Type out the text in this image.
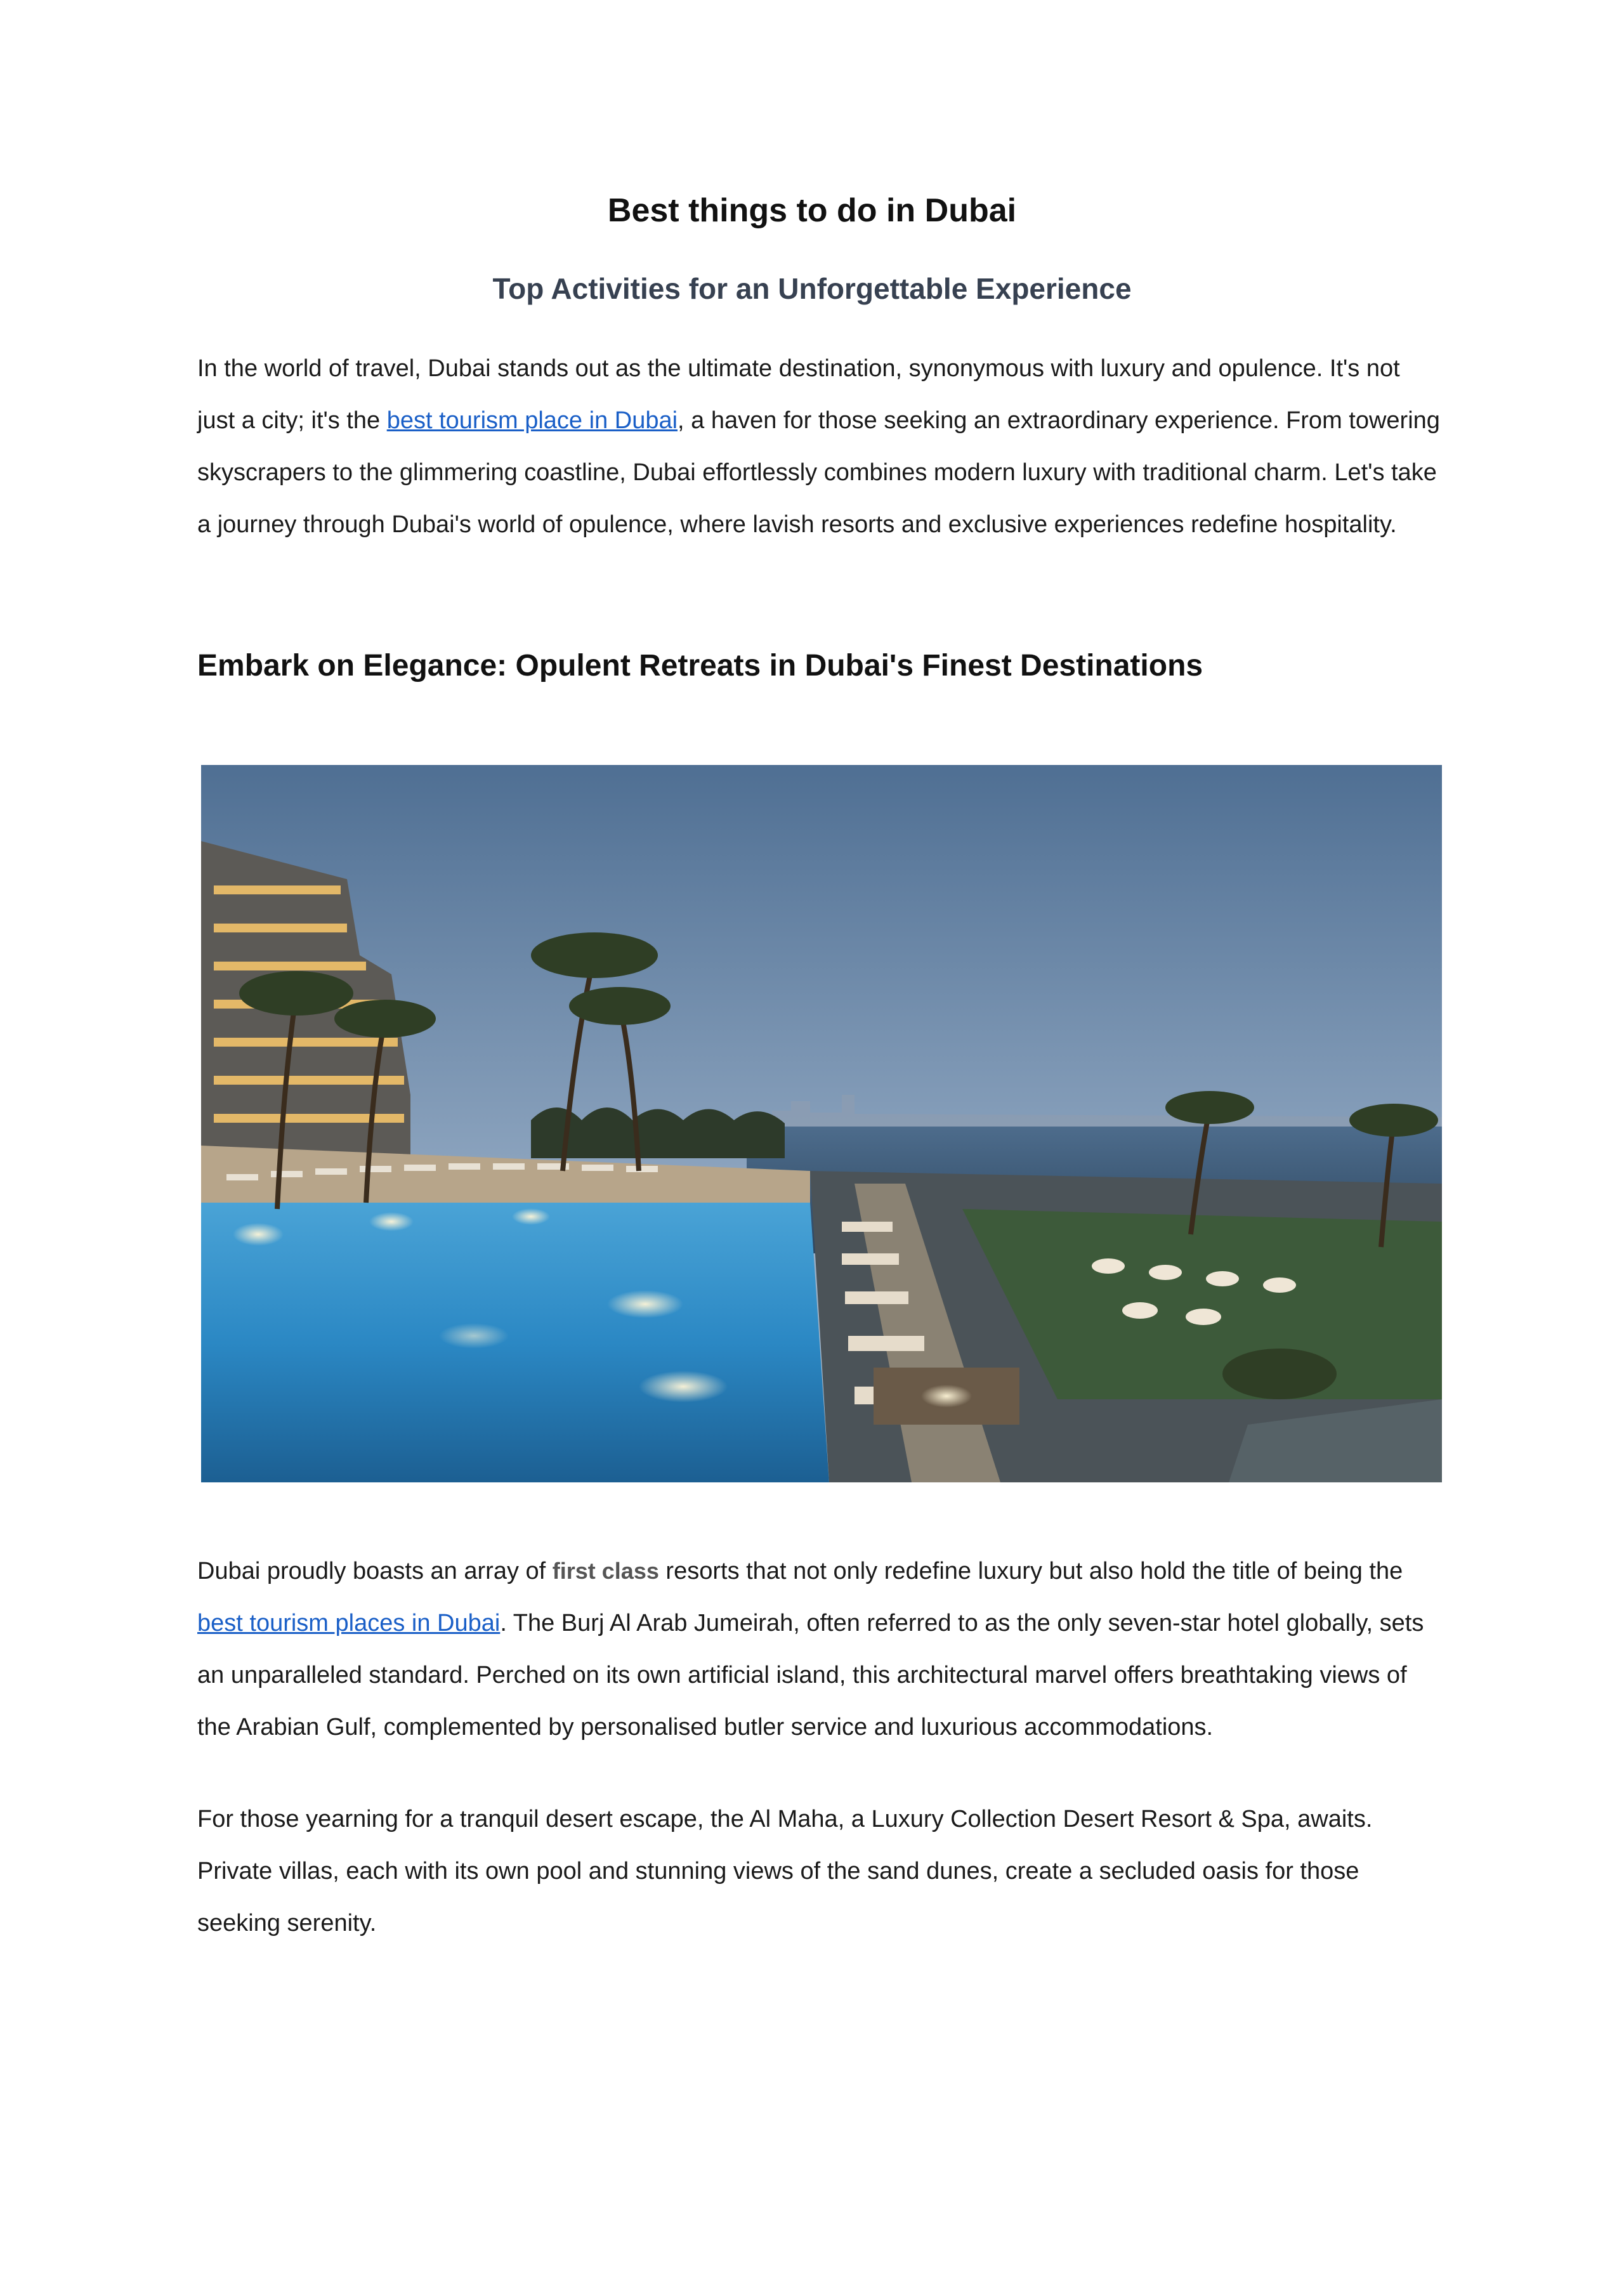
Best things to do in Dubai
Top Activities for an Unforgettable Experience

In the world of travel, Dubai stands out as the ultimate destination, synonymous with luxury and opulence. It's not just a city; it's the best tourism place in Dubai, a haven for those seeking an extraordinary experience. From towering skyscrapers to the glimmering coastline, Dubai effortlessly combines modern luxury with traditional charm. Let's take a journey through Dubai's world of opulence, where lavish resorts and exclusive experiences redefine hospitality.

Embark on Elegance: Opulent Retreats in Dubai's Finest Destinations

Dubai proudly boasts an array of first class resorts that not only redefine luxury but also hold the title of being the best tourism places in Dubai. The Burj Al Arab Jumeirah, often referred to as the only seven-star hotel globally, sets an unparalleled standard. Perched on its own artificial island, this architectural marvel offers breathtaking views of the Arabian Gulf, complemented by personalised butler service and luxurious accommodations.

For those yearning for a tranquil desert escape, the Al Maha, a Luxury Collection Desert Resort & Spa, awaits. Private villas, each with its own pool and stunning views of the sand dunes, create a secluded oasis for those seeking serenity.
